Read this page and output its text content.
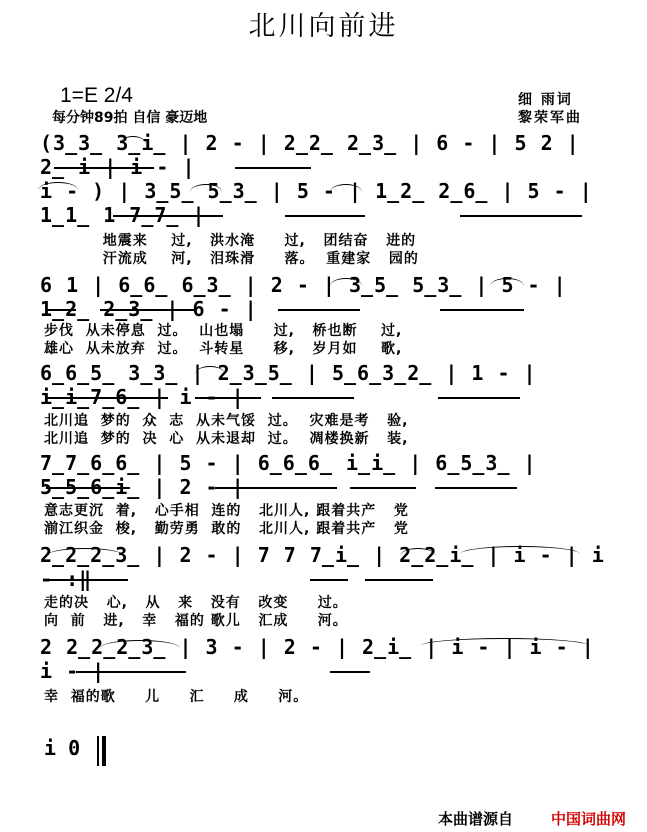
北川向前进
1=E 2/4
每分钟89拍 自信 豪迈地
细 雨词
黎荣军曲
(3̲3̲ 3̲i̲ | 2 - | 2̲2̲ 2̲3̲ | 6 - | 5 2 | 2̲ i | i - |
i - ) | 3̲5̲ 5̲3̲ | 5 - | 1̲2̲ 2̲6̲ | 5 - | 1̲1̲ 1 7̲7̲ |
地震来    过,   洪水淹     过,   团结奋   进的
汗流成    河,   泪珠滑     落。  重建家   园的
6 1 | 6̲6̲ 6̲3̲ | 2 - | 3̲5̲ 5̲3̲ | 5 - | 1̲2̲ 2̲3̲ | 6 - |
步伐  从未停息  过。  山也塌     过,   桥也断    过,
雄心  从未放弃  过。  斗转星     移,   岁月如    歌,
6̲6̲5̲ 3̲3̲ | 2̲3̲5̲ | 5̲6̲3̲2̲ | 1 - | i̲i̲7̲6̲ | i - |
北川追  梦的  众  志  从未气馁  过。  灾难是考   验,
北川追  梦的  决  心  从未退却  过。  凋楼换新   装,
7̲7̲6̲6̲ | 5 - | 6̲6̲6̲ i̲i̲ | 6̲5̲3̲ | 5̲5̲6̲i̲ | 2 - |
意志更沉  着,   心手相  连的   北川人, 跟着共产   党
湔江织金  梭,   勤劳勇  敢的   北川人, 跟着共产   党
2̲2̲2̲3̲ | 2 - | 7 7 7̲i̲ | 2̲2̲i̲ | i - | i - :‖
走的决   心,   从   来   没有   改变     过。
向  前   进,   幸   福的 歌儿   汇成     河。
2 2̲2̲2̲3̲ | 3 - | 2 - | 2̲i̲ | i - | i - | i - |
幸  福的歌     儿     汇     成     河。
i 0
本曲谱源自	中国词曲网
